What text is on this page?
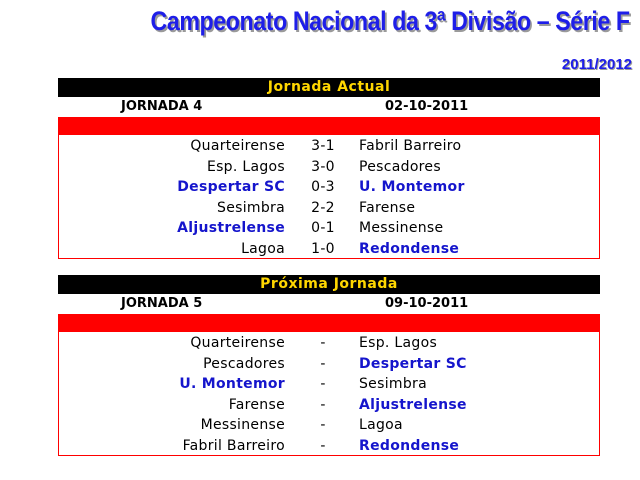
Campeonato Nacional da 3ª Divisão – Série F
2011/2012
Jornada Actual
JORNADA 4	02-10-2011
Quarteirense	3-1	Fabril Barreiro
Esp. Lagos	3-0	Pescadores
Despertar SC	0-3	U. Montemor
Sesimbra	2-2	Farense
Aljustrelense	0-1	Messinense
Lagoa	1-0	Redondense
Próxima Jornada
JORNADA 5	09-10-2011
Quarteirense	-	Esp. Lagos
Pescadores	-	Despertar SC
U. Montemor	-	Sesimbra
Farense	-	Aljustrelense
Messinense	-	Lagoa
Fabril Barreiro	-	Redondense
